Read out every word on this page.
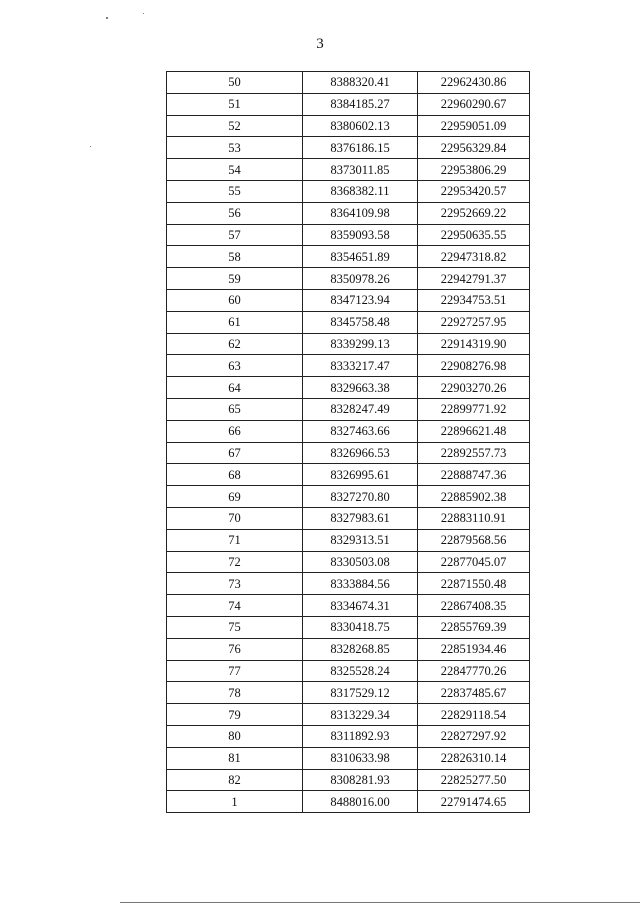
3
50	8388320.41	22962430.86
51	8384185.27	22960290.67
52	8380602.13	22959051.09
53	8376186.15	22956329.84
54	8373011.85	22953806.29
55	8368382.11	22953420.57
56	8364109.98	22952669.22
57	8359093.58	22950635.55
58	8354651.89	22947318.82
59	8350978.26	22942791.37
60	8347123.94	22934753.51
61	8345758.48	22927257.95
62	8339299.13	22914319.90
63	8333217.47	22908276.98
64	8329663.38	22903270.26
65	8328247.49	22899771.92
66	8327463.66	22896621.48
67	8326966.53	22892557.73
68	8326995.61	22888747.36
69	8327270.80	22885902.38
70	8327983.61	22883110.91
71	8329313.51	22879568.56
72	8330503.08	22877045.07
73	8333884.56	22871550.48
74	8334674.31	22867408.35
75	8330418.75	22855769.39
76	8328268.85	22851934.46
77	8325528.24	22847770.26
78	8317529.12	22837485.67
79	8313229.34	22829118.54
80	8311892.93	22827297.92
81	8310633.98	22826310.14
82	8308281.93	22825277.50
1	8488016.00	22791474.65
